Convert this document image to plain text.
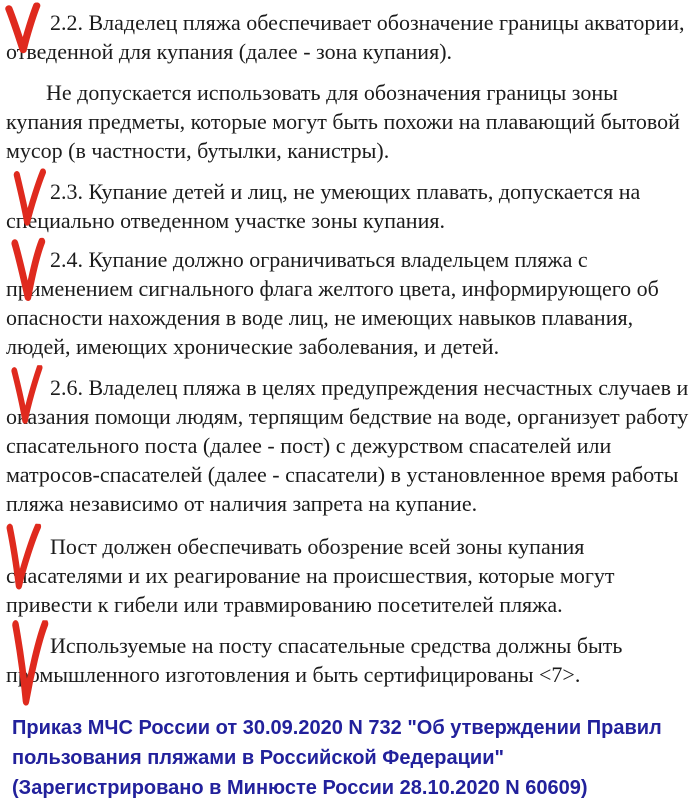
2.2. Владелец пляжа обеспечивает обозначение границы акватории, отведенной для купания (далее - зона купания).
Не допускается использовать для обозначения границы зоны купания предметы, которые могут быть похожи на плавающий бытовой мусор (в частности, бутылки, канистры).
2.3. Купание детей и лиц, не умеющих плавать, допускается на специально отведенном участке зоны купания.
2.4. Купание должно ограничиваться владельцем пляжа с применением сигнального флага желтого цвета, информирующего об опасности нахождения в воде лиц, не имеющих навыков плавания, людей, имеющих хронические заболевания, и детей.
2.6. Владелец пляжа в целях предупреждения несчастных случаев и оказания помощи людям, терпящим бедствие на воде, организует работу спасательного поста (далее - пост) с дежурством спасателей или матросов-спасателей (далее - спасатели) в установленное время работы пляжа независимо от наличия запрета на купание.
Пост должен обеспечивать обозрение всей зоны купания спасателями и их реагирование на происшествия, которые могут привести к гибели или травмированию посетителей пляжа.
Используемые на посту спасательные средства должны быть промышленного изготовления и быть сертифицированы <7>.
Приказ МЧС России от 30.09.2020 N 732 "Об утверждении Правил пользования пляжами в Российской Федерации" (Зарегистрировано в Минюсте России 28.10.2020 N 60609)
